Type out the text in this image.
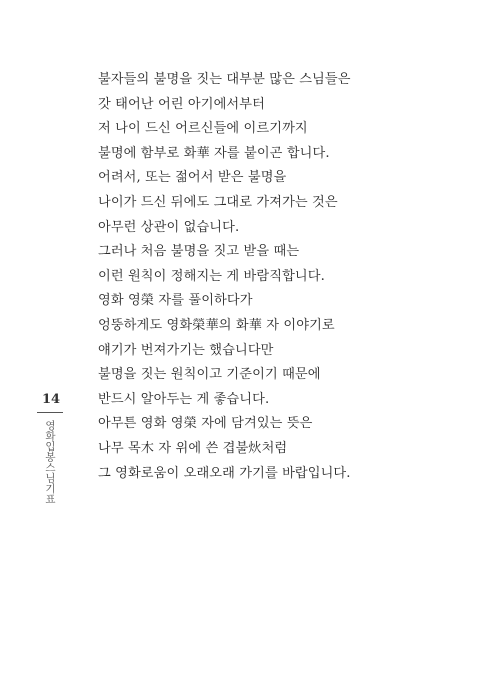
불자들의 불명을 짓는 대부분 많은 스님들은
갓 태어난 어린 아기에서부터
저 나이 드신 어르신들에 이르기까지
불명에 함부로 화華 자를 붙이곤 합니다.
어려서, 또는 젊어서 받은 불명을
나이가 드신 뒤에도 그대로 가져가는 것은
아무런 상관이 없습니다.
그러나 처음 불명을 짓고 받을 때는
이런 원칙이 정해지는 게 바람직합니다.
영화 영榮 자를 풀이하다가
엉뚱하게도 영화榮華의 화華 자 이야기로
얘기가 번져가기는 했습니다만
불명을 짓는 원칙이고 기준이기 때문에
반드시 알아두는 게 좋습니다.
아무튼 영화 영榮 자에 담겨있는 뜻은
나무 목木 자 위에 쓴 겹불炏처럼
그 영화로움이 오래오래 가기를 바랍입니다.
14
영화입봉스님기표
